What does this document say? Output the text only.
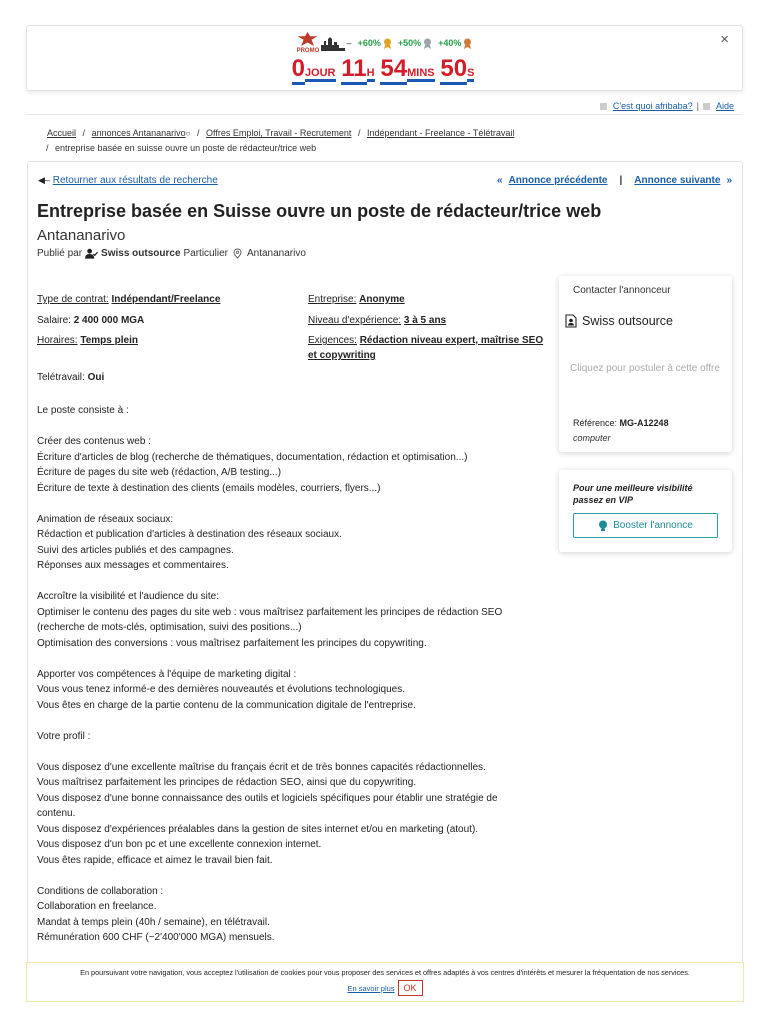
PROMO
– +60% +50% +40%
0JOUR 11H 54MINS 50S
×
C'est quoi afribaba? | Aide
Accueil / annonces Antananarivo○ / Offres Emploi, Travail - Recrutement / Indépendant - Freelance - Télétravail
/ entreprise basée en suisse ouvre un poste de rédacteur/trice web
◀– Retourner aux résultats de recherche	« Annonce précédente | Annonce suivante »
Entreprise basée en Suisse ouvre un poste de rédacteur/trice web
Antananarivo
Publié par Swiss outsource Particulier Antananarivo
Type de contrat: Indépendant/Freelance	Entreprise: Anonyme
Salaire: 2 400 000 MGA	Niveau d'expérience: 3 à 5 ans
Horaires: Temps plein	Exigences: Rédaction niveau expert, maîtrise SEO
et copywriting
Telétravail: Oui

Le poste consiste à :

Créer des contenus web :

Écriture d'articles de blog (recherche de thématiques, documentation, rédaction et optimisation...)

Écriture de pages du site web (rédaction, A/B testing...)

Écriture de texte à destination des clients (emails modèles, courriers, flyers...)

Animation de réseaux sociaux:

Rédaction et publication d'articles à destination des réseaux sociaux.

Suivi des articles publiés et des campagnes.

Réponses aux messages et commentaires.

Accroître la visibilité et l'audience du site:

Optimiser le contenu des pages du site web : vous maîtrisez parfaitement les principes de rédaction SEO

(recherche de mots-clés, optimisation, suivi des positions...)

Optimisation des conversions : vous maîtrisez parfaitement les principes du copywriting.

Apporter vos compétences à l'équipe de marketing digital :

Vous vous tenez informé-e des dernières nouveautés et évolutions technologiques.

Vous êtes en charge de la partie contenu de la communication digitale de l'entreprise.

Votre profil :

Vous disposez d'une excellente maîtrise du français écrit et de très bonnes capacités rédactionnelles.

Vous maîtrisez parfaitement les principes de rédaction SEO, ainsi que du copywriting.

Vous disposez d'une bonne connaissance des outils et logiciels spécifiques pour établir une stratégie de

contenu.

Vous disposez d'expériences préalables dans la gestion de sites internet et/ou en marketing (atout).

Vous disposez d'un bon pc et une excellente connexion internet.

Vous êtes rapide, efficace et aimez le travail bien fait.

Conditions de collaboration :

Collaboration en freelance.

Mandat à temps plein (40h / semaine), en télétravail.

Rémunération 600 CHF (~2'400'000 MGA) mensuels.

Contacter l'annonceur
Swiss outsource
Cliquez pour postuler à cette offre
Référence: MG-A12248
computer
Pour une meilleure visibilité passez en VIP
Booster l'annonce
En poursuivant votre navigation, vous acceptez l'utilisation de cookies pour vous proposer des services et offres adaptés à vos centres d'intérêts et mesurer la fréquentation de nos services.
En savoir plus	OK
